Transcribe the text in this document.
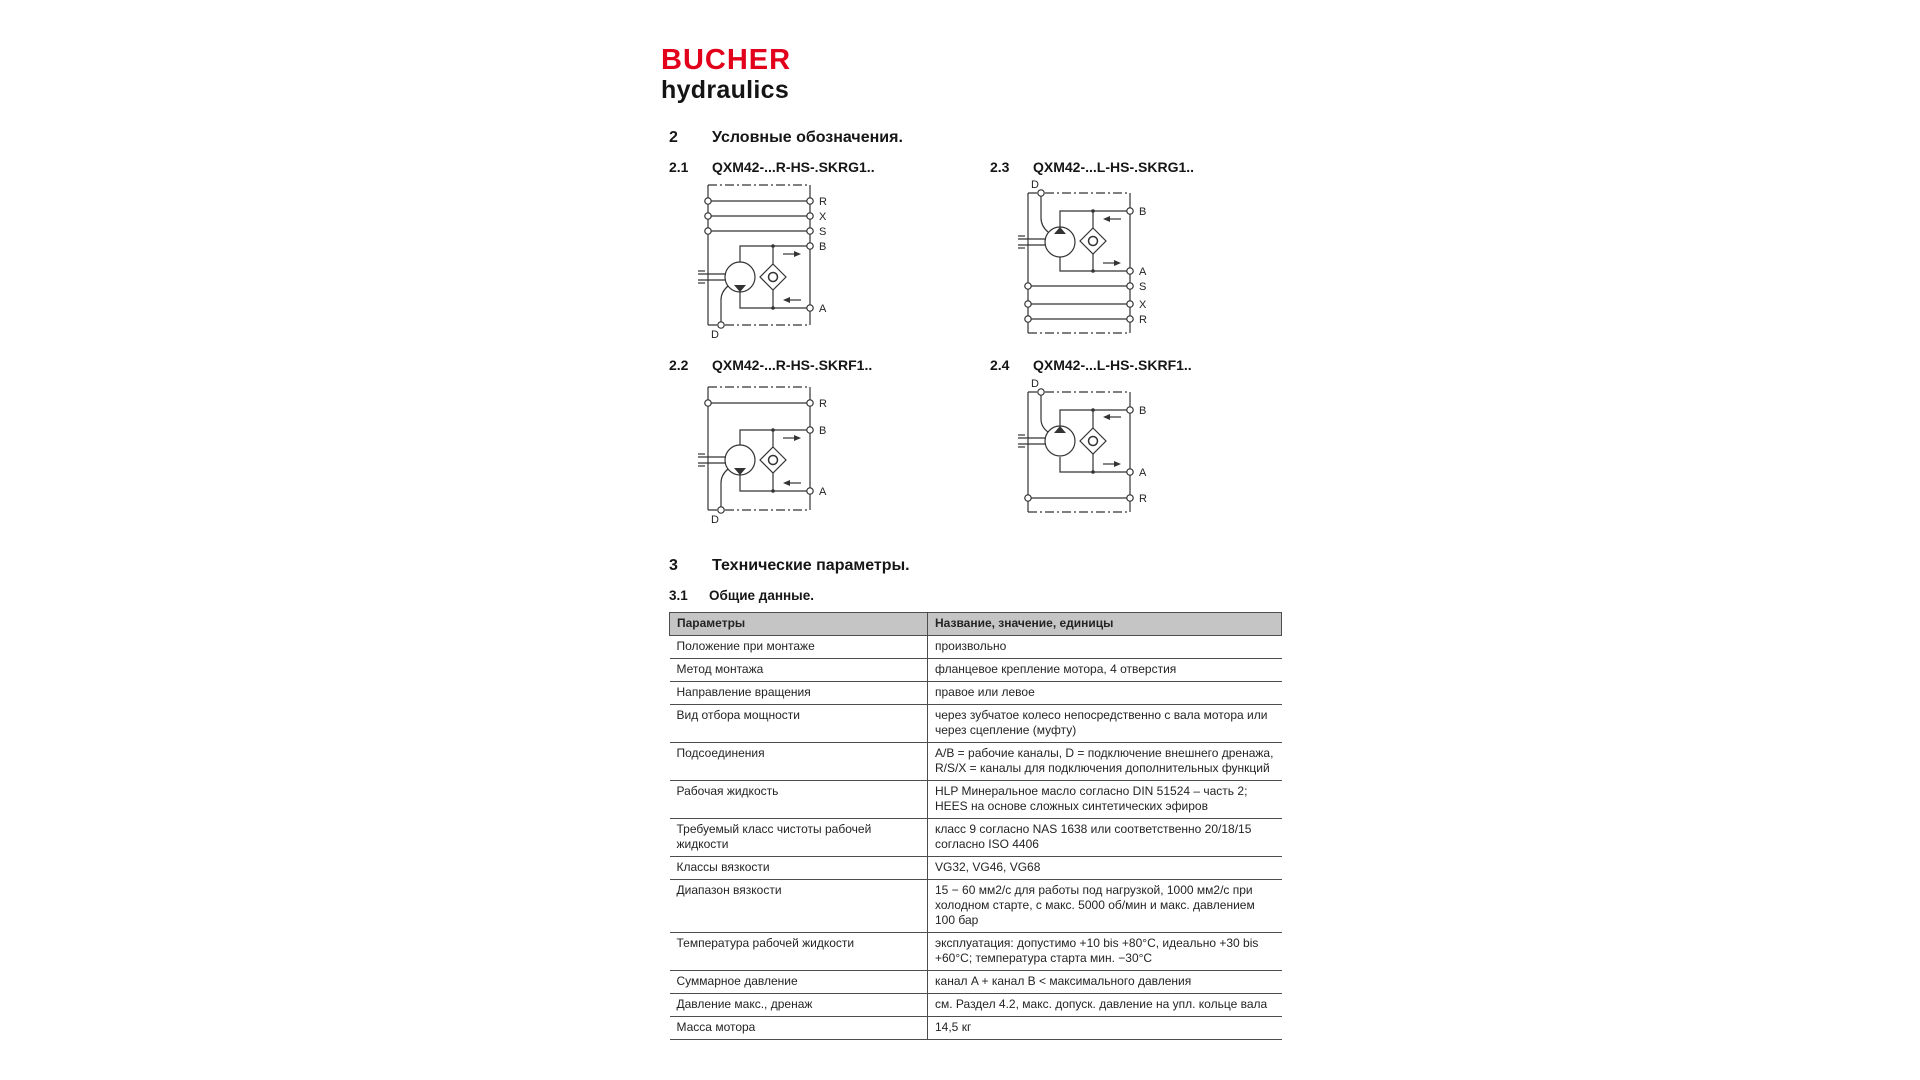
BUCHER
hydraulics
2 Условные обозначения.
2.1 QXM42-...R-HS-.SKRG1..	2.3 QXM42-...L-HS-.SKRG1..
R
X
S
B
A
D
D
B
A
S
X
R
2.2 QXM42-...R-HS-.SKRF1..	2.4 QXM42-...L-HS-.SKRF1..
R
B
A
D
D
B
A
R
3 Технические параметры.
3.1 Общие данные.
Параметры	Название, значение, единицы
Положение при монтаже	произвольно
Метод монтажа	фланцевое крепление мотора, 4 отверстия
Направление вращения	правое или левое
Вид отбора мощности	через зубчатое колесо непосредственно с вала мотора или через сцепление (муфту)
Подсоединения	A/B = рабочие каналы, D = подключение внешнего дренажа, R/S/X = каналы для подключения дополнительных функций
Рабочая жидкость	HLP Минеральное масло согласно DIN 51524 – часть 2; HEES на основе сложных синтетических эфиров
Требуемый класс чистоты рабочей жидкости	класс 9 согласно NAS 1638 или соответственно 20/18/15 согласно ISO 4406
Классы вязкости	VG32, VG46, VG68
Диапазон вязкости	15 − 60 мм2/с для работы под нагрузкой, 1000 мм2/с при холодном старте, с макс. 5000 об/мин и макс. давлением 100 бар
Температура рабочей жидкости	эксплуатация: допустимо +10 bis +80°C, идеально +30 bis +60°C; температура старта мин. −30°C
Суммарное давление	канал A + канал B < максимального давления
Давление макс., дренаж	см. Раздел 4.2, макс. допуск. давление на упл. кольце вала
Масса мотора	14,5 кг
